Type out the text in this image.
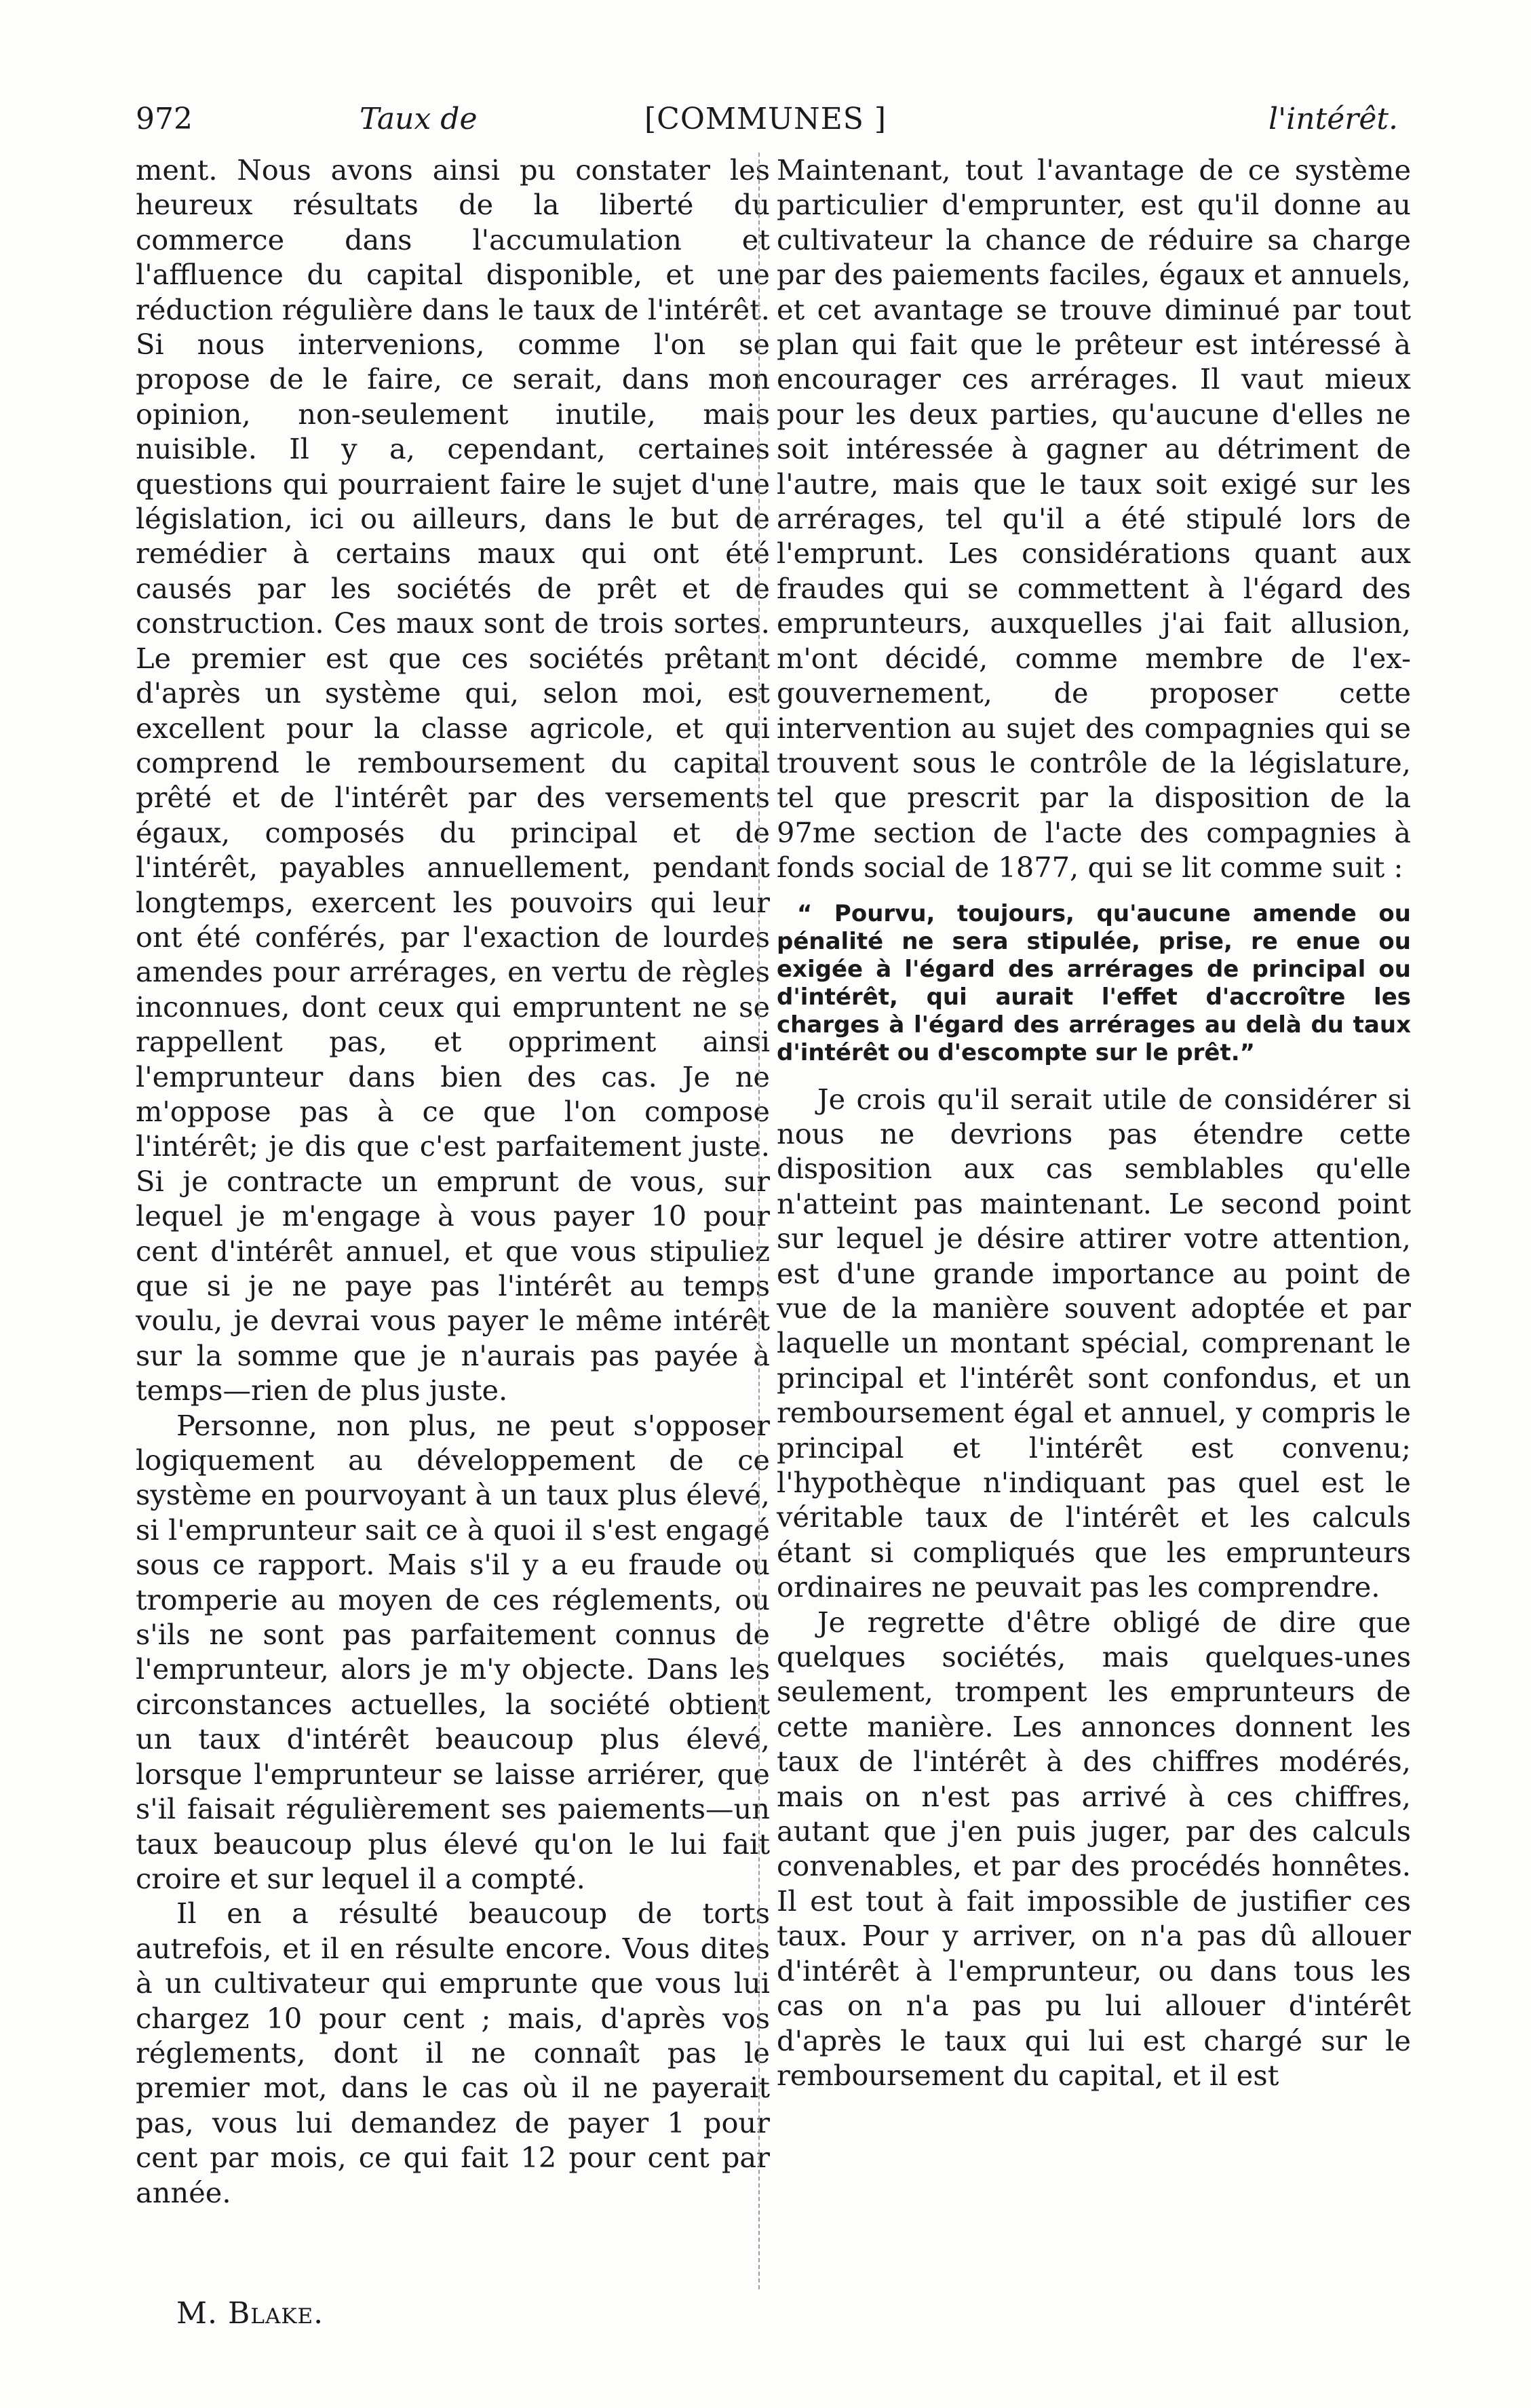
972	Taux de	[COMMUNES ]	l'intérêt.

ment. Nous avons ainsi pu constater les heureux résultats de la liberté du commerce dans l'accumulation et l'affluence du capital disponible, et une réduction régulière dans le taux de l'intérêt. Si nous intervenions, comme l'on se propose de le faire, ce serait, dans mon opinion, non-seulement inutile, mais nuisible. Il y a, cependant, certaines questions qui pourraient faire le sujet d'une législation, ici ou ailleurs, dans le but de remédier à certains maux qui ont été causés par les sociétés de prêt et de construction. Ces maux sont de trois sortes. Le premier est que ces sociétés prêtant d'après un système qui, selon moi, est excellent pour la classe agricole, et qui comprend le remboursement du capital prêté et de l'intérêt par des versements égaux, composés du principal et de l'intérêt, payables annuellement, pendant longtemps, exercent les pouvoirs qui leur ont été conférés, par l'exaction de lourdes amendes pour arrérages, en vertu de règles inconnues, dont ceux qui empruntent ne se rappellent pas, et oppriment ainsi l'emprunteur dans bien des cas. Je ne m'oppose pas à ce que l'on compose l'intérêt; je dis que c'est parfaitement juste. Si je contracte un emprunt de vous, sur lequel je m'engage à vous payer 10 pour cent d'intérêt annuel, et que vous stipuliez que si je ne paye pas l'intérêt au temps voulu, je devrai vous payer le même intérêt sur la somme que je n'aurais pas payée à temps—rien de plus juste.

Personne, non plus, ne peut s'opposer logiquement au développement de ce système en pourvoyant à un taux plus élevé, si l'emprunteur sait ce à quoi il s'est engagé sous ce rapport. Mais s'il y a eu fraude ou tromperie au moyen de ces réglements, ou s'ils ne sont pas parfaitement connus de l'emprunteur, alors je m'y objecte. Dans les circonstances actuelles, la société obtient un taux d'intérêt beaucoup plus élevé, lorsque l'emprunteur se laisse arriérer, que s'il faisait régulièrement ses paiements—un taux beaucoup plus élevé qu'on le lui fait croire et sur lequel il a compté.

Il en a résulté beaucoup de torts autrefois, et il en résulte encore. Vous dites à un cultivateur qui emprunte que vous lui chargez 10 pour cent ; mais, d'après vos réglements, dont il ne connaît pas le premier mot, dans le cas où il ne payerait pas, vous lui demandez de payer 1 pour cent par mois, ce qui fait 12 pour cent par année.

Maintenant, tout l'avantage de ce système particulier d'emprunter, est qu'il donne au cultivateur la chance de réduire sa charge par des paiements faciles, égaux et annuels, et cet avantage se trouve diminué par tout plan qui fait que le prêteur est intéressé à encourager ces arrérages. Il vaut mieux pour les deux parties, qu'aucune d'elles ne soit intéressée à gagner au détriment de l'autre, mais que le taux soit exigé sur les arrérages, tel qu'il a été stipulé lors de l'emprunt. Les considérations quant aux fraudes qui se commettent à l'égard des emprunteurs, auxquelles j'ai fait allusion, m'ont décidé, comme membre de l'ex-gouvernement, de proposer cette intervention au sujet des compagnies qui se trouvent sous le contrôle de la législature, tel que prescrit par la disposition de la 97me section de l'acte des compagnies à fonds social de 1877, qui se lit comme suit :

“ Pourvu, toujours, qu'aucune amende ou pénalité ne sera stipulée, prise, re enue ou exigée à l'égard des arrérages de principal ou d'intérêt, qui aurait l'effet d'accroître les charges à l'égard des arrérages au delà du taux d'intérêt ou d'escompte sur le prêt.”

Je crois qu'il serait utile de considérer si nous ne devrions pas étendre cette disposition aux cas semblables qu'elle n'atteint pas maintenant. Le second point sur lequel je désire attirer votre attention, est d'une grande importance au point de vue de la manière souvent adoptée et par laquelle un montant spécial, comprenant le principal et l'intérêt sont confondus, et un remboursement égal et annuel, y compris le principal et l'intérêt est convenu; l'hypothèque n'indiquant pas quel est le véritable taux de l'intérêt et les calculs étant si compliqués que les emprunteurs ordinaires ne peuvait pas les comprendre.

Je regrette d'être obligé de dire que quelques sociétés, mais quelques-unes seulement, trompent les emprunteurs de cette manière. Les annonces donnent les taux de l'intérêt à des chiffres modérés, mais on n'est pas arrivé à ces chiffres, autant que j'en puis juger, par des calculs convenables, et par des procédés honnêtes. Il est tout à fait impossible de justifier ces taux. Pour y arriver, on n'a pas dû allouer d'intérêt à l'emprunteur, ou dans tous les cas on n'a pas pu lui allouer d'intérêt d'après le taux qui lui est chargé sur le remboursement du capital, et il est

M. Blake.
